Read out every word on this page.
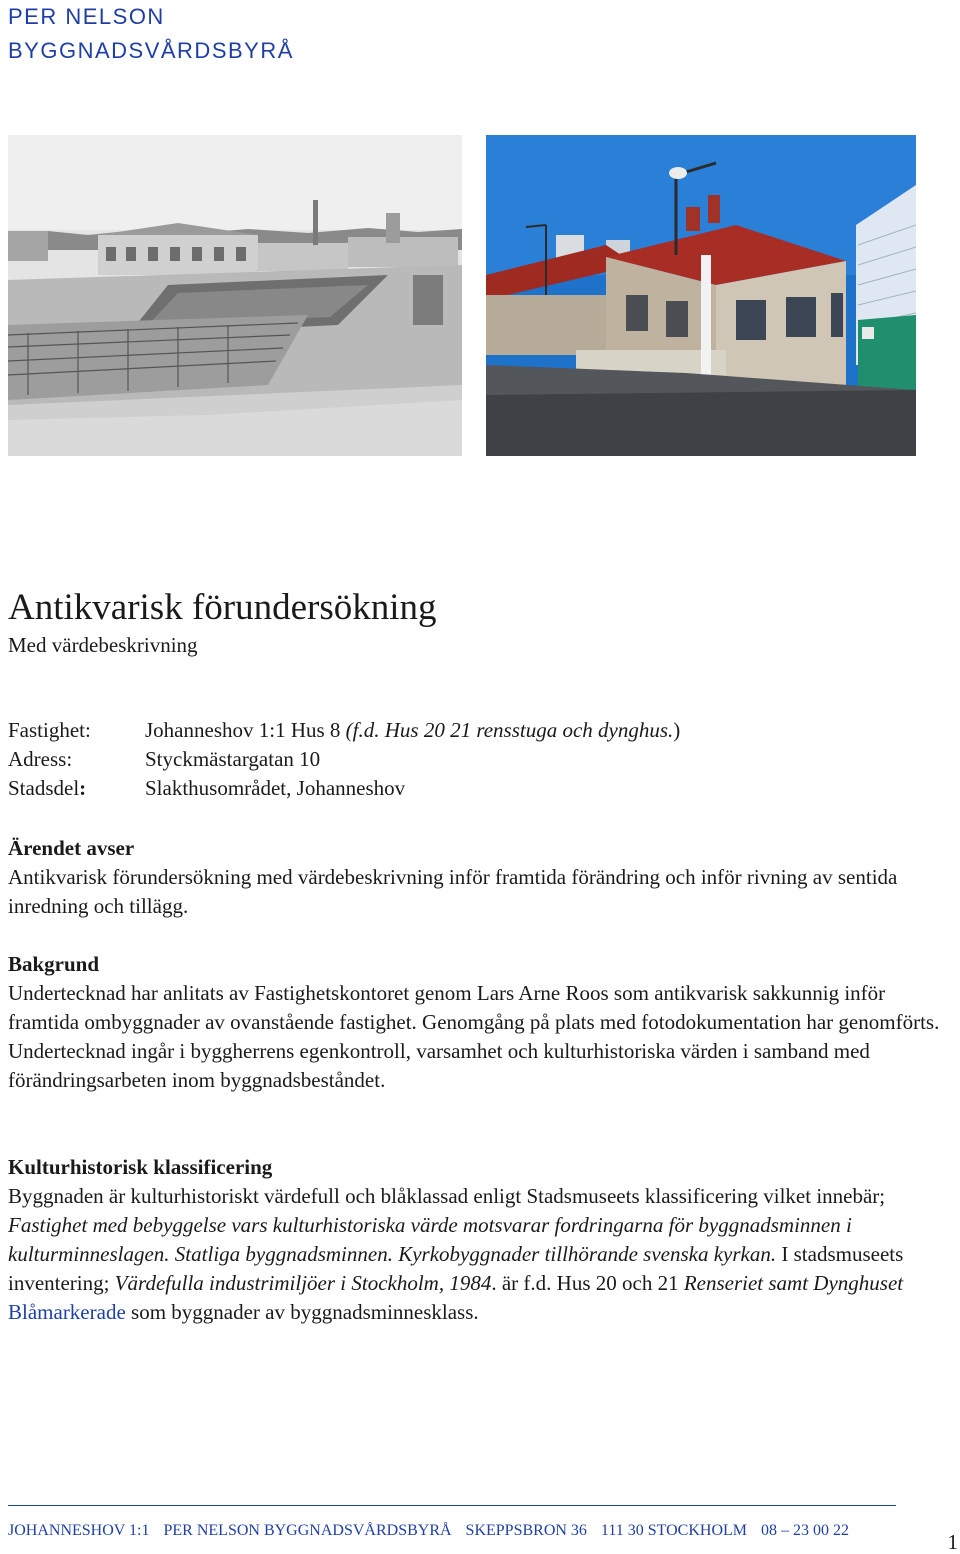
PER NELSON
BYGGNADSVÅRDSBYRÅ
Antikvarisk förundersökning
Med värdebeskrivning
Fastighet:	Johanneshov 1:1 Hus 8 (f.d. Hus 20 21 rensstuga och dynghus.)
Adress:	Styckmästargatan 10
Stadsdel:	Slakthusområdet, Johanneshov
Ärendet avser

Antikvarisk förundersökning med värdebeskrivning inför framtida förändring och inför rivning av sentida inredning och tillägg.

Bakgrund

Undertecknad har anlitats av Fastighetskontoret genom Lars Arne Roos som antikvarisk sakkunnig inför framtida ombyggnader av ovanstående fastighet. Genomgång på plats med fotodokumentation har genomförts. Undertecknad ingår i byggherrens egenkontroll, varsamhet och kulturhistoriska värden i samband med förändringsarbeten inom byggnadsbeståndet.

Kulturhistorisk klassificering

Byggnaden är kulturhistoriskt värdefull och blåklassad enligt Stadsmuseets klassificering vilket innebär; Fastighet med bebyggelse vars kulturhistoriska värde motsvarar fordringarna för byggnadsminnen i kulturminneslagen. Statliga byggnadsminnen. Kyrkobyggnader tillhörande svenska kyrkan. I stadsmuseets inventering; Värdefulla industrimiljöer i Stockholm, 1984. är f.d. Hus 20 och 21 Renseriet samt Dynghuset Blåmarkerade som byggnader av byggnadsminnesklass.

JOHANNESHOV 1:1 PER NELSON BYGGNADSVÅRDSBYRÅ SKEPPSBRON 36 111 30 STOCKHOLM 08 – 23 00 22	1
